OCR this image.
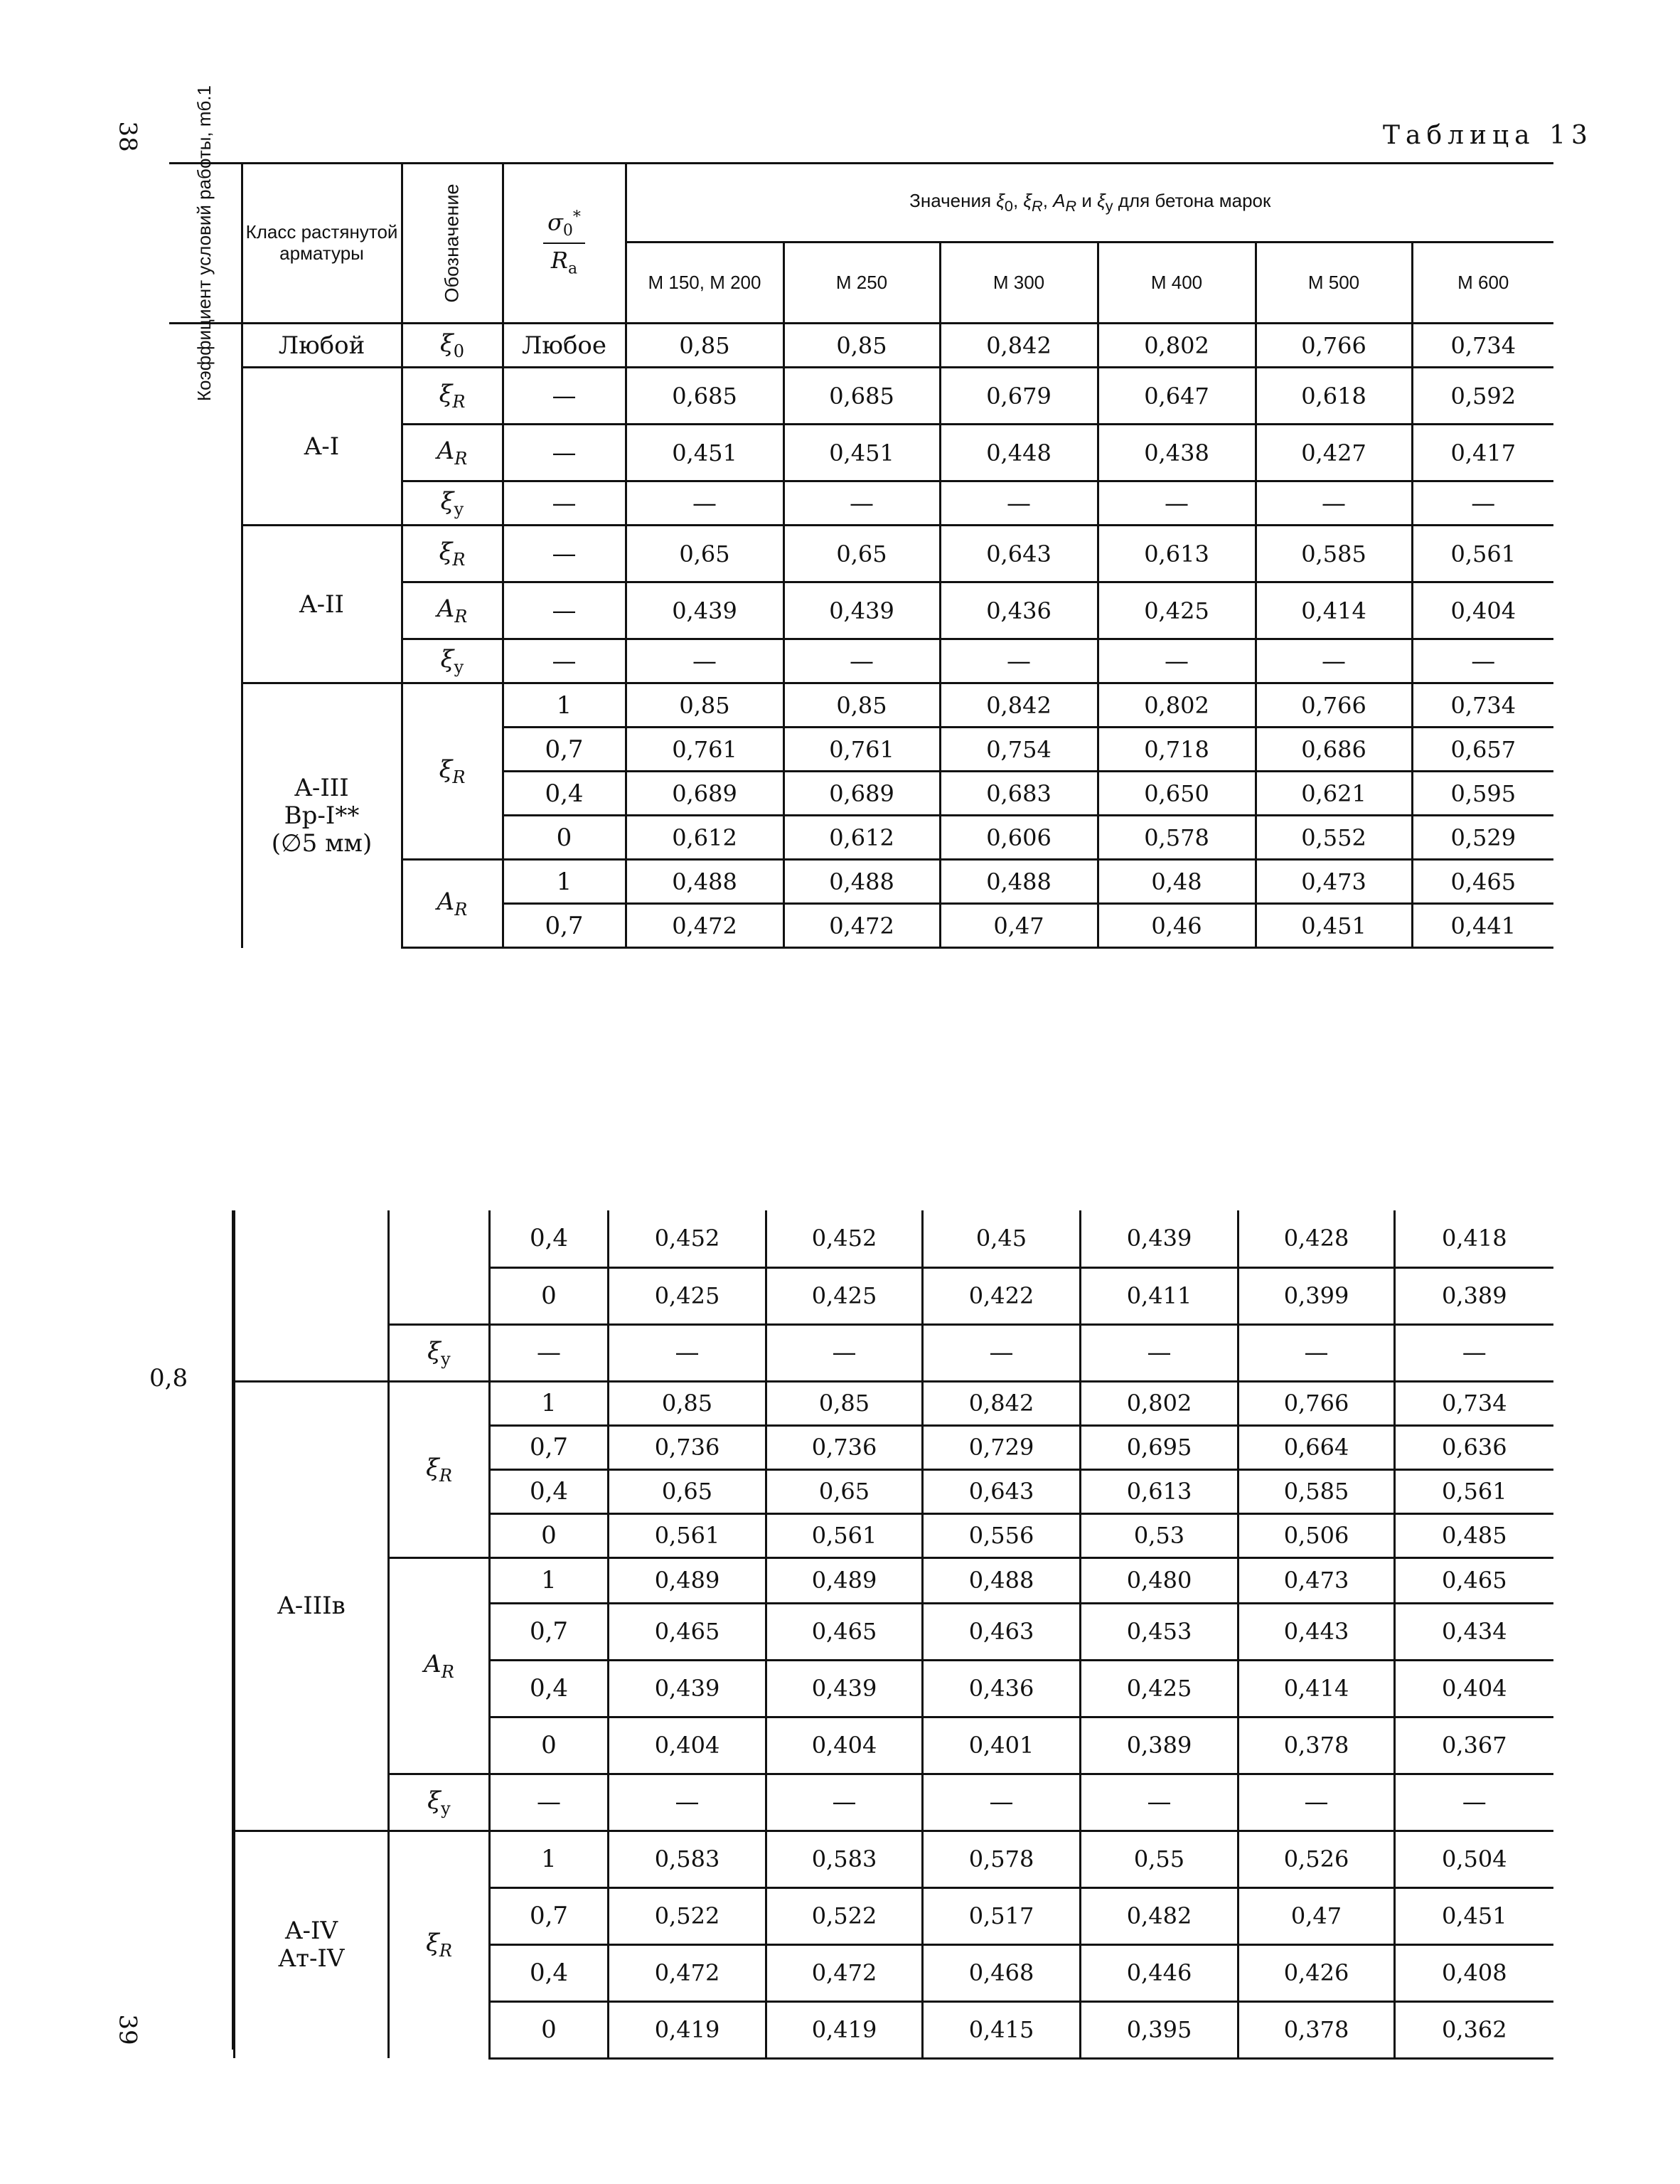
38
39
Таблица 13
0,8
Коэффициент условий работы, mб.1	Класс растянутой арматуры	Обозначение	$\frac{\sigma_0^*}{R_а}$	Значения $\xi_0$, $\xi_R$, $A_R$ и $\xi_у$ для бетона марок					
				М 150, М 200	М 250	М 300	М 400	М 500	М 600
	Любой	$\xi_0$	Любое	0,85	0,85	0,842	0,802	0,766	0,734
	A-I	$\xi_R$	—	0,685	0,685	0,679	0,647	0,618	0,592
		$A_R$	—	0,451	0,451	0,448	0,438	0,427	0,417
		$\xi_у$	—	—	—	—	—	—	—
	A-II	$\xi_R$	—	0,65	0,65	0,643	0,613	0,585	0,561
		$A_R$	—	0,439	0,439	0,436	0,425	0,414	0,404
		$\xi_у$	—	—	—	—	—	—	—

	A-III
Вр-I**
(∅5 мм)	$\xi_R$	1	0,85	0,85	0,842	0,802	0,766	0,734
			0,7	0,761	0,761	0,754	0,718	0,686	0,657
			0,4	0,689	0,689	0,683	0,650	0,621	0,595
			0	0,612	0,612	0,606	0,578	0,552	0,529
		$A_R$	1	0,488	0,488	0,488	0,48	0,473	0,465
			0,7	0,472	0,472	0,47	0,46	0,451	0,441
		0,4	0,452	0,452	0,45	0,439	0,428	0,418
		0	0,425	0,425	0,422	0,411	0,399	0,389
	$\xi_у$	—	—	—	—	—	—	—
A-IIIв	$\xi_R$	1	0,85	0,85	0,842	0,802	0,766	0,734
		0,7	0,736	0,736	0,729	0,695	0,664	0,636
		0,4	0,65	0,65	0,643	0,613	0,585	0,561
		0	0,561	0,561	0,556	0,53	0,506	0,485
	$A_R$	1	0,489	0,489	0,488	0,480	0,473	0,465
		0,7	0,465	0,465	0,463	0,453	0,443	0,434
		0,4	0,439	0,439	0,436	0,425	0,414	0,404
		0	0,404	0,404	0,401	0,389	0,378	0,367
	$\xi_у$	—	—	—	—	—	—	—

A-IV
Aт-IV	$\xi_R$	1	0,583	0,583	0,578	0,55	0,526	0,504
		0,7	0,522	0,522	0,517	0,482	0,47	0,451
		0,4	0,472	0,472	0,468	0,446	0,426	0,408
		0	0,419	0,419	0,415	0,395	0,378	0,362
